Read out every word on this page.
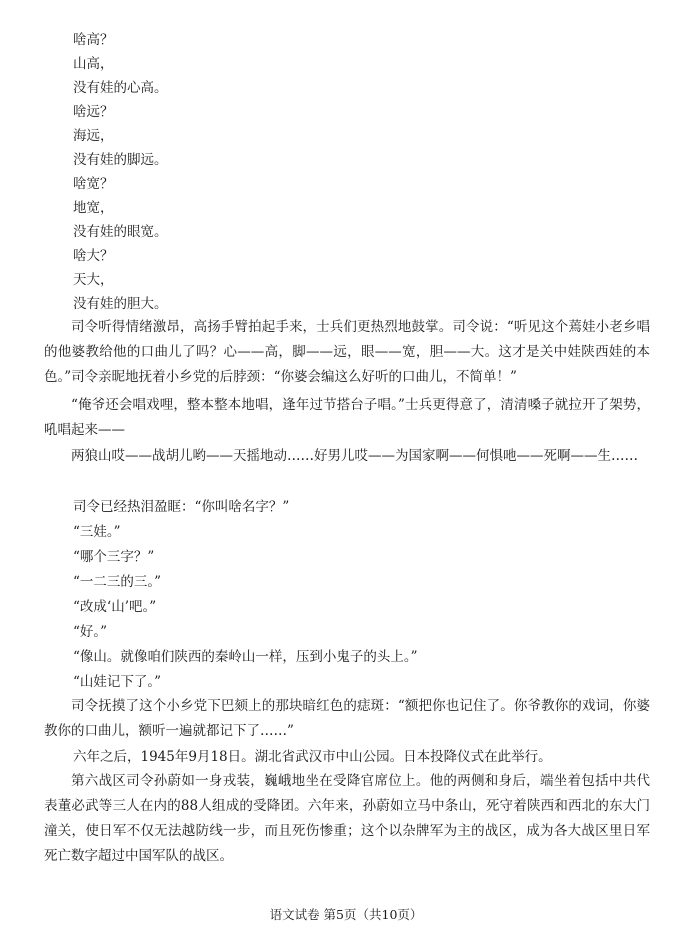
啥高？
山高，
没有娃的心高。
啥远？
海远，
没有娃的脚远。
啥宽？
地宽，
没有娃的眼宽。
啥大？
天大，
没有娃的胆大。
司令听得情绪激昂，高扬手臂拍起手来，士兵们更热烈地鼓掌。司令说：“听见这个蔫娃小老乡唱的他婆教给他的口曲儿了吗？心——高，脚——远，眼——宽，胆——大。这才是关中娃陕西娃的本色。”司令亲昵地抚着小乡党的后脖颈：“你婆会编这么好听的口曲儿，不简单！”
“俺爷还会唱戏哩，整本整本地唱，逢年过节搭台子唱。”士兵更得意了，清清嗓子就拉开了架势，吼唱起来——
两狼山哎——战胡儿哟——天摇地动……好男儿哎——为国家啊——何惧吔——死啊——生……
司令已经热泪盈眶：“你叫啥名字？”
“三娃。”
“哪个三字？”
“一二三的三。”
“改成‘山’吧。”
“好。”
“像山。就像咱们陕西的秦岭山一样，压到小鬼子的头上。”
“山娃记下了。”
司令抚摸了这个小乡党下巴颏上的那块暗红色的痣斑：“额把你也记住了。你爷教你的戏词，你婆教你的口曲儿，额听一遍就都记下了……”
六年之后，1945年9月18日。湖北省武汉市中山公园。日本投降仪式在此举行。
第六战区司令孙蔚如一身戎装，巍峨地坐在受降官席位上。他的两侧和身后，端坐着包括中共代表董必武等三人在内的88人组成的受降团。六年来，孙蔚如立马中条山，死守着陕西和西北的东大门潼关，使日军不仅无法越防线一步，而且死伤惨重；这个以杂牌军为主的战区，成为各大战区里日军死亡数字超过中国军队的战区。
语文试卷 第5页（共10页）
